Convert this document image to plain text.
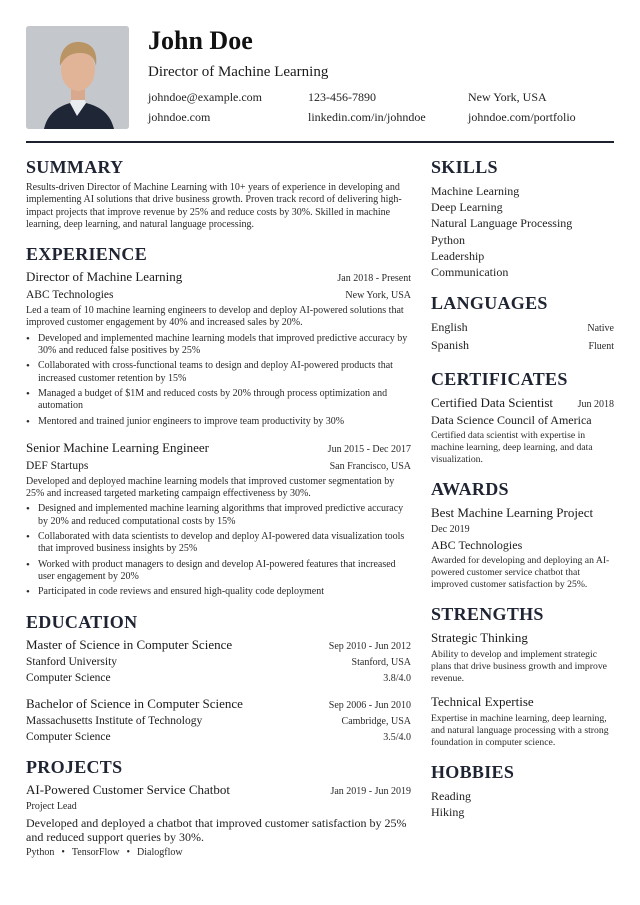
John Doe
Director of Machine Learning
johndoe@example.com	123-456-7890	New York, USA
johndoe.com	linkedin.com/in/johndoe	johndoe.com/portfolio
SUMMARY

Results-driven Director of Machine Learning with 10+ years of experience in developing and implementing AI solutions that drive business growth. Proven track record of delivering high-impact projects that improve revenue by 25% and reduce costs by 30%. Skilled in machine learning, deep learning, and natural language processing.

EXPERIENCE
Director of Machine Learning	Jan 2018 - Present
ABC Technologies	New York, USA

Led a team of 10 machine learning engineers to develop and deploy AI-powered solutions that improved customer engagement by 40% and increased sales by 20%.

• Developed and implemented machine learning models that improved predictive accuracy by 30% and reduced false positives by 25%
• Collaborated with cross-functional teams to design and deploy AI-powered products that increased customer retention by 15%
• Managed a budget of $1M and reduced costs by 20% through process optimization and automation
• Mentored and trained junior engineers to improve team productivity by 30%
Senior Machine Learning Engineer	Jun 2015 - Dec 2017
DEF Startups	San Francisco, USA

Developed and deployed machine learning models that improved customer segmentation by 25% and increased targeted marketing campaign effectiveness by 30%.

• Designed and implemented machine learning algorithms that improved predictive accuracy by 20% and reduced computational costs by 15%
• Collaborated with data scientists to develop and deploy AI-powered data visualization tools that improved business insights by 25%
• Worked with product managers to design and develop AI-powered features that increased user engagement by 20%
• Participated in code reviews and ensured high-quality code deployment
EDUCATION
Master of Science in Computer Science	Sep 2010 - Jun 2012
Stanford University	Stanford, USA
Computer Science	3.8/4.0
Bachelor of Science in Computer Science	Sep 2006 - Jun 2010
Massachusetts Institute of Technology	Cambridge, USA
Computer Science	3.5/4.0
PROJECTS
AI-Powered Customer Service Chatbot	Jan 2019 - Jun 2019
Project Lead

Developed and deployed a chatbot that improved customer satisfaction by 25% and reduced support queries by 30%.

Python • TensorFlow • Dialogflow
SKILLS
Machine Learning
Deep Learning
Natural Language Processing
Python
Leadership
Communication
LANGUAGES
English	Native
Spanish	Fluent
CERTIFICATES
Certified Data Scientist Jun 2018
Data Science Council of America

Certified data scientist with expertise in machine learning, deep learning, and data visualization.

AWARDS
Best Machine Learning Project
Dec 2019
ABC Technologies

Awarded for developing and deploying an AI-powered customer service chatbot that improved customer satisfaction by 25%.

STRENGTHS
Strategic Thinking

Ability to develop and implement strategic plans that drive business growth and improve revenue.

Technical Expertise

Expertise in machine learning, deep learning, and natural language processing with a strong foundation in computer science.

HOBBIES
Reading
Hiking
